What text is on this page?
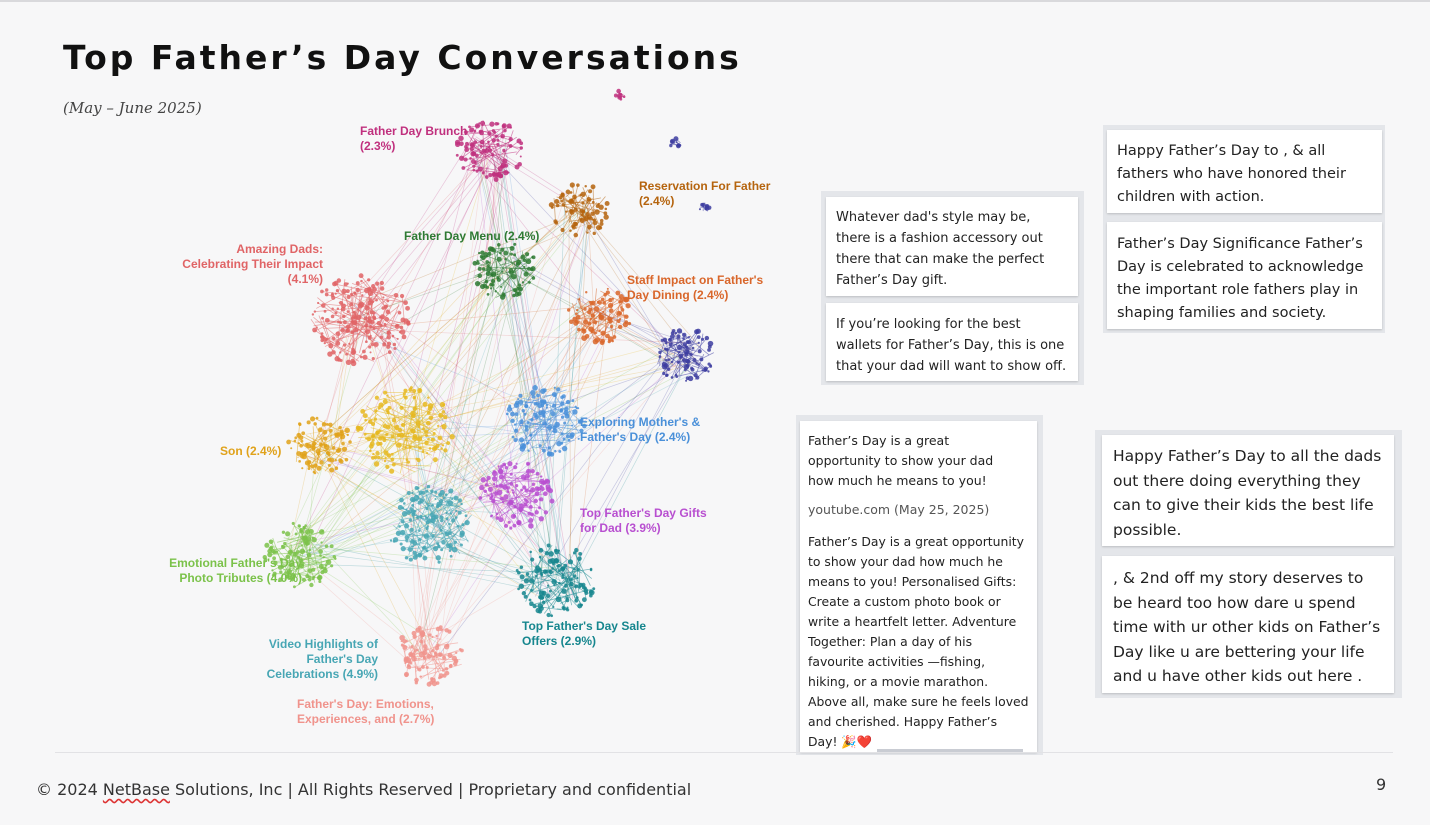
Top Father’s Day Conversations
(May – June 2025)
Father Day Brunch
(2.3%)
Reservation For Father
(2.4%)
Father Day Menu (2.4%)
Amazing Dads:
Celebrating Their Impact
(4.1%)	Staff Impact on Father's
Day Dining (2.4%)
Exploring Mother's &
Father's Day (2.4%)
Son (2.4%)
Top Father's Day Gifts
for Dad (3.9%)
Emotional Father's Day
Photo Tributes (4.0%)
Top Father's Day Sale
Offers (2.9%)
Video Highlights of
Father's Day
Celebrations (4.9%)
Father's Day: Emotions,
Experiences, and (2.7%)
Whatever dad's style may be, there is a fashion accessory out there that can make the perfect Father’s Day gift.
If you’re looking for the best wallets for Father’s Day, this is one that your dad will want to show off.
Happy Father’s Day to , & all fathers who have honored their children with action.
Father’s Day Significance Father’s Day is celebrated to acknowledge the important role fathers play in shaping families and society.
Father’s Day is a great
opportunity to show your dad
how much he means to you!
youtube.com (May 25, 2025)
Father’s Day is a great opportunity to show your dad how much he means to you! Personalised Gifts: Create a custom photo book or write a heartfelt letter. Adventure Together: Plan a day of his favourite activities —fishing, hiking, or a movie marathon. Above all, make sure he feels loved and cherished. Happy Father’s Day! 🎉❤️
Happy Father’s Day to all the dads out there doing everything they can to give their kids the best life possible.
, & 2nd off my story deserves to be heard too how dare u spend time with ur other kids on Father’s Day like u are bettering your life and u have other kids out here .
© 2024 NetBase Solutions, Inc | All Rights Reserved | Proprietary and confidential	9
